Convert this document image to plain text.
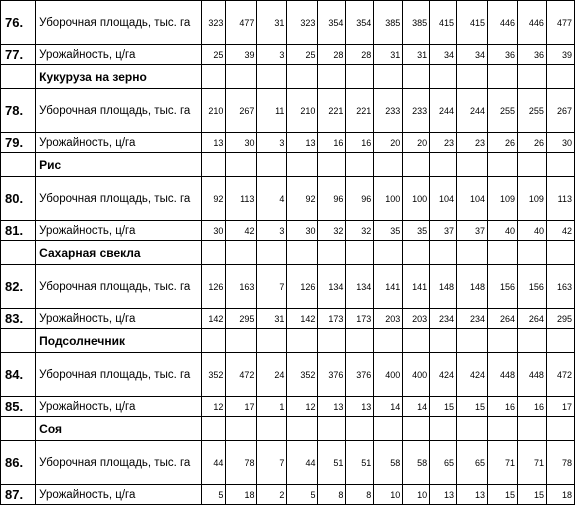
76.	Уборочная площадь, тыс. га	323	477	31	323	354	354	385	385	415	415	446	446	477
77.	Урожайность, ц/га	25	39	3	25	28	28	31	31	34	34	36	36	39
	Кукуруза на зерно													
78.	Уборочная площадь, тыс. га	210	267	11	210	221	221	233	233	244	244	255	255	267
79.	Урожайность, ц/га	13	30	3	13	16	16	20	20	23	23	26	26	30
	Рис													
80.	Уборочная площадь, тыс. га	92	113	4	92	96	96	100	100	104	104	109	109	113
81.	Урожайность, ц/га	30	42	3	30	32	32	35	35	37	37	40	40	42
	Сахарная свекла													
82.	Уборочная площадь, тыс. га	126	163	7	126	134	134	141	141	148	148	156	156	163
83.	Урожайность, ц/га	142	295	31	142	173	173	203	203	234	234	264	264	295
	Подсолнечник													
84.	Уборочная площадь, тыс. га	352	472	24	352	376	376	400	400	424	424	448	448	472
85.	Урожайность, ц/га	12	17	1	12	13	13	14	14	15	15	16	16	17
	Соя													
86.	Уборочная площадь, тыс. га	44	78	7	44	51	51	58	58	65	65	71	71	78
87.	Урожайность, ц/га	5	18	2	5	8	8	10	10	13	13	15	15	18
